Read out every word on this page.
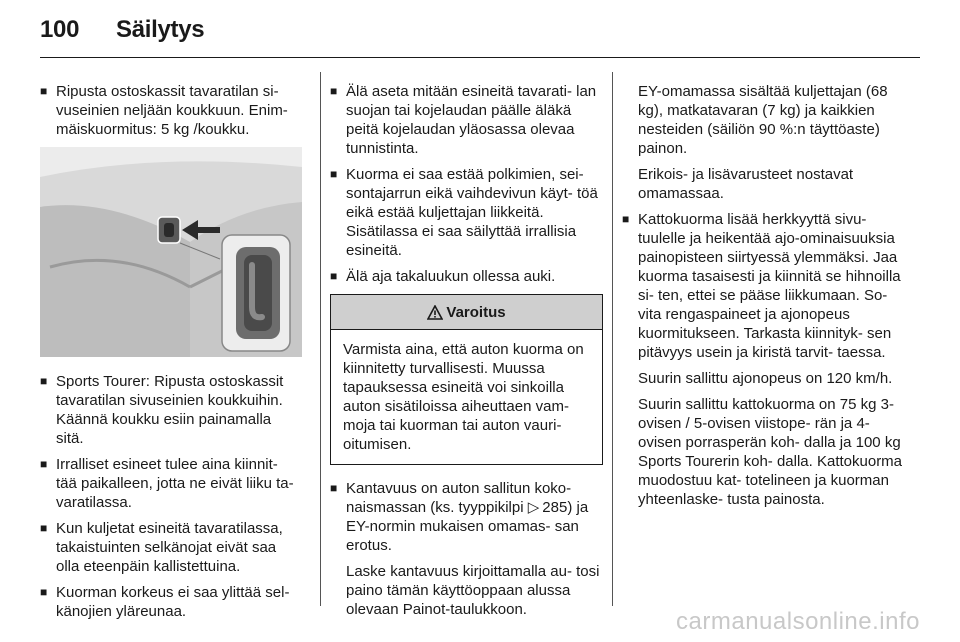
100	Säilytys
■ Ripusta ostoskassit tavaratilan si- vuseinien neljään koukkuun. Enim- mäiskuormitus: 5 kg /koukku.
■ Sports Tourer: Ripusta ostoskassit tavaratilan sivuseinien koukkuihin. Käännä koukku esiin painamalla sitä.
■ Irralliset esineet tulee aina kiinnit- tää paikalleen, jotta ne eivät liiku ta- varatilassa.
■ Kun kuljetat esineitä tavaratilassa, takaistuinten selkänojat eivät saa olla eteenpäin kallistettuina.
■ Kuorman korkeus ei saa ylittää sel- känojien yläreunaa.
■ Älä aseta mitään esineitä tavarati- lan suojan tai kojelaudan päälle äläkä peitä kojelaudan yläosassa olevaa tunnistinta.
■ Kuorma ei saa estää polkimien, sei- sontajarrun eikä vaihdevivun käyt- töä eikä estää kuljettajan liikkeitä. Sisätilassa ei saa säilyttää irrallisia esineitä.
■ Älä aja takaluukun ollessa auki.
Varoitus
Varmista aina, että auton kuorma on kiinnitetty turvallisesti. Muussa tapauksessa esineitä voi sinkoilla auton sisätiloissa aiheuttaen vam- moja tai kuorman tai auton vauri- oitumisen.
■ Kantavuus on auton sallitun koko- naismassan (ks. tyyppikilpi ▷  285) ja EY-normin mukaisen omamas- san erotus.
Laske kantavuus kirjoittamalla au- tosi paino tämän käyttöoppaan alussa olevaan Painot-taulukkoon.
EY-omamassa sisältää kuljettajan (68 kg), matkatavaran (7 kg) ja kaikkien nesteiden (säiliön 90 %:n täyttöaste) painon.
Erikois- ja lisävarusteet nostavat omamassaa.
■ Kattokuorma lisää herkkyyttä sivu- tuulelle ja heikentää ajo-ominaisuuksia painopisteen siirtyessä ylemmäksi. Jaa kuorma tasaisesti ja kiinnitä se hihnoilla si- ten, ettei se pääse liikkumaan. So- vita rengaspaineet ja ajonopeus kuormitukseen. Tarkasta kiinnityk- sen pitävyys usein ja kiristä tarvit- taessa.
Suurin sallittu ajonopeus on 120 km/h.
Suurin sallittu kattokuorma on 75 kg 3-ovisen / 5-ovisen viistope- rän ja 4-ovisen porrasperän koh- dalla ja 100 kg Sports Tourerin koh- dalla. Kattokuorma muodostuu kat- totelineen ja kuorman yhteenlaske- tusta painosta.
carmanualsonline.info
